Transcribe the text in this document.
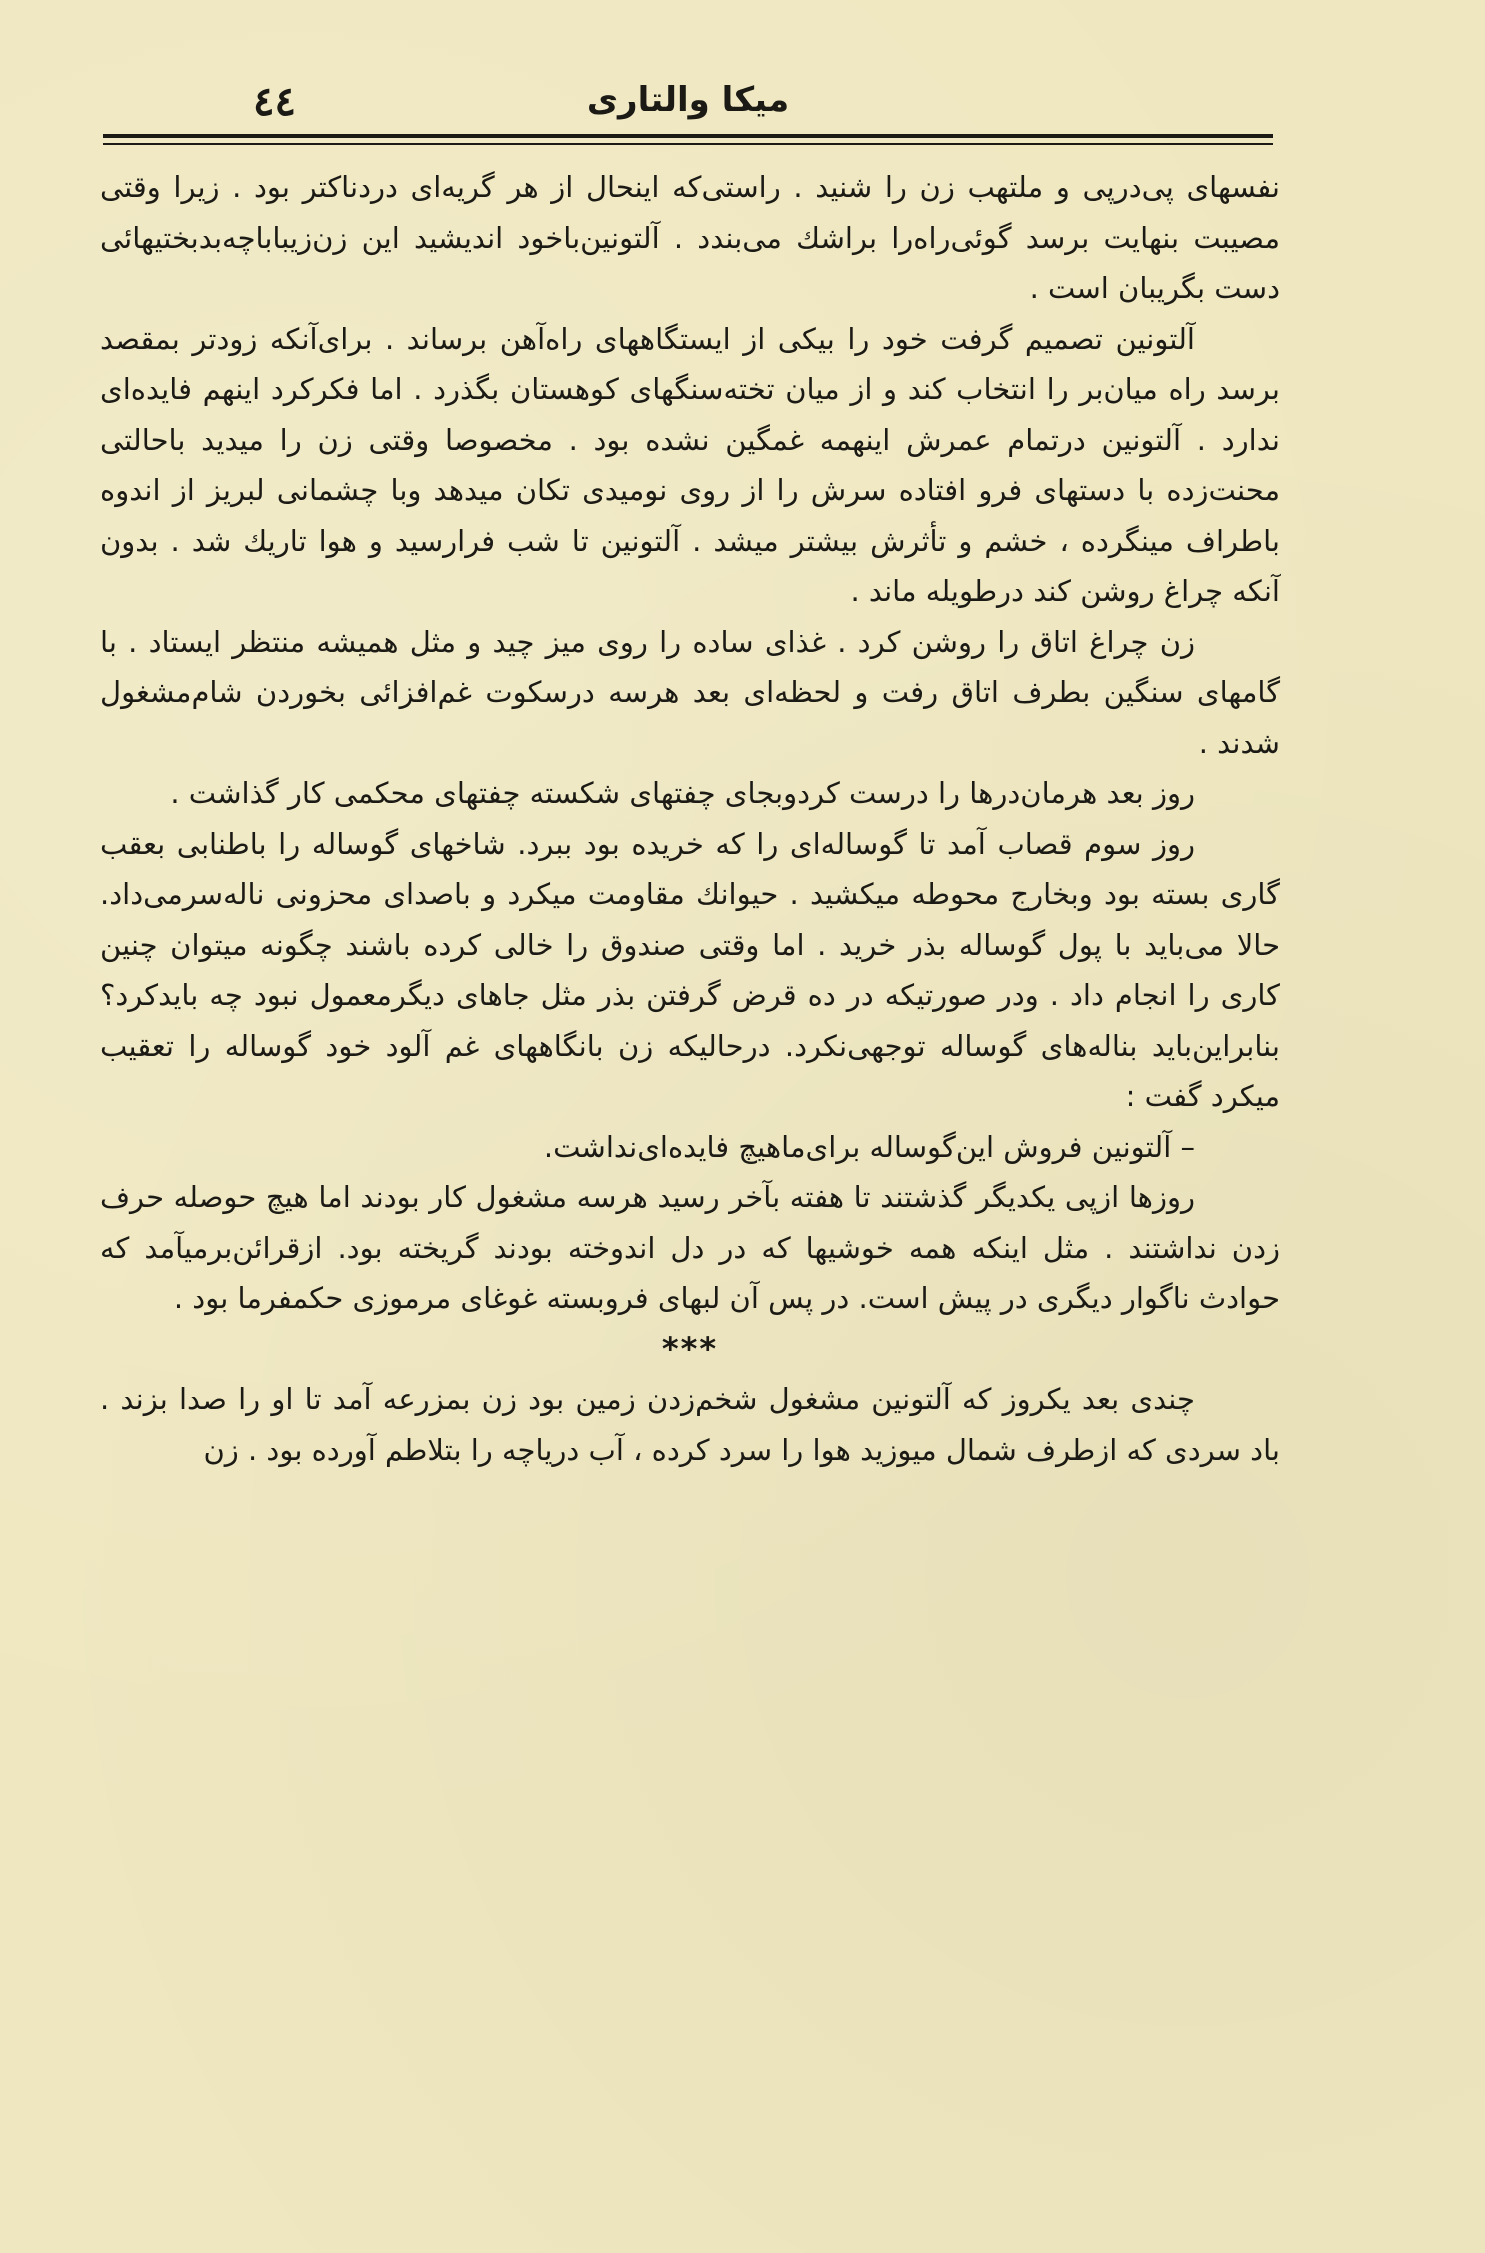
٤٤	میکا والتاری

نفسهای پی‌درپی و ملتهب زن را شنید . راستی‌که اینحال از هر گریه‌ای دردناکتر بود . زیرا وقتی مصیبت بنهایت برسد گوئی‌راه‌را براشك می‌بندد . آلتونین‌باخود اندیشید این زن‌زیباباچه‌بدبختیهائی دست بگریبان است .

آلتونین تصمیم گرفت خود را بیکی از ایستگاههای راه‌آهن برساند . برای‌آنکه زودتر بمقصد برسد راه میان‌بر را انتخاب کند و از میان تخته‌سنگهای کوهستان بگذرد . اما فکرکرد اینهم فایده‌ای ندارد . آلتونین درتمام عمرش اینهمه غمگین نشده بود . مخصوصا وقتی زن را میدید باحالتی محنت‌زده با دستهای فرو افتاده سرش را از روی نومیدی تکان میدهد وبا چشمانی لبریز از اندوه باطراف مینگرده ، خشم و تأثرش بیشتر میشد . آلتونین تا شب فرارسید و هوا تاریك شد . بدون آنکه چراغ روشن کند درطویله ماند .

زن چراغ اتاق را روشن کرد . غذای ساده را روی میز چید و مثل همیشه منتظر ایستاد . با گامهای سنگین بطرف اتاق رفت و لحظه‌ای بعد هرسه درسکوت غم‌افزائی بخوردن شام‌مشغول شدند .

روز بعد هرمان‌درها را درست کردوبجای چفتهای شکسته چفتهای محکمی کار گذاشت .

روز سوم قصاب آمد تا گوساله‌ای را که خریده بود ببرد. شاخهای گوساله را باطنابی بعقب گاری بسته بود وبخارج محوطه میکشید . حیوانك مقاومت میکرد و باصدای محزونی ناله‌سرمی‌داد. حالا می‌باید با پول گوساله بذر خرید . اما وقتی صندوق را خالی کرده باشند چگونه میتوان چنین کاری را انجام داد . ودر صورتیکه در ده قرض گرفتن بذر مثل جاهای دیگرمعمول نبود چه بایدکرد؟ بنابراین‌باید بناله‌های گوساله توجهی‌نکرد. درحالیکه زن بانگاههای غم آلود خود گوساله را تعقیب میکرد گفت :

– آلتونین فروش این‌گوساله برای‌ماهیچ فایده‌ای‌نداشت.

روزها ازپی یکدیگر گذشتند تا هفته بآخر رسید هرسه مشغول کار بودند اما هیچ حوصله حرف زدن نداشتند . مثل اینکه همه خوشیها که در دل اندوخته بودند گریخته بود. ازقرائن‌برمیآمد که حوادث ناگوار دیگری در پیش است. در پس آن لبهای فروبسته غوغای مرموزی حکمفرما بود .

***

چندی بعد یکروز که آلتونین مشغول شخم‌زدن زمین بود زن بمزرعه آمد تا او را صدا بزند . باد سردی که ازطرف شمال میوزید هوا را سرد کرده ، آب دریاچه را بتلاطم آورده بود . زن
